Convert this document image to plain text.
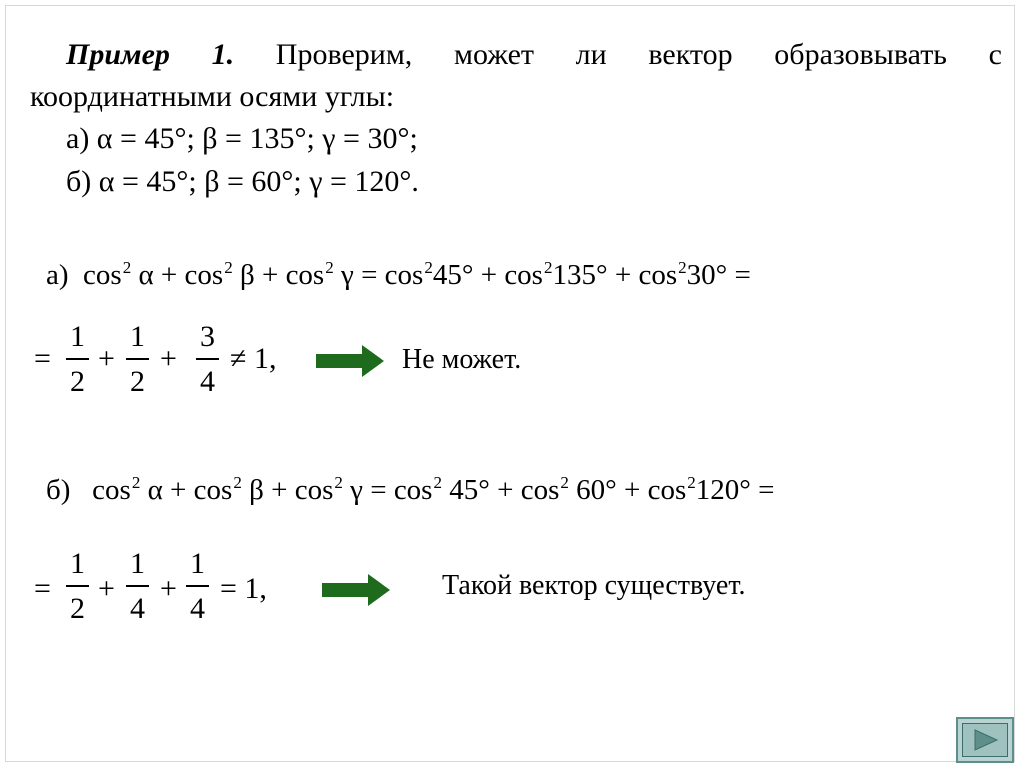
Пример 1. Проверим, может ли вектор образовывать с
координатными осями углы:
а) α = 45°; β = 135°; γ = 30°;
б) α = 45°; β = 60°; γ = 120°.
а) $\cos^2 \alpha + \cos^2 \beta + \cos^2 \gamma = \cos^245^\circ + \cos^2135^\circ + \cos^230^\circ$ =
=
1
2
+
1
2
+
3
4
≠ 1,	Не может.
б) $\cos^2 \alpha + \cos^2 \beta + \cos^2 \gamma = \cos^2 45^\circ + \cos^2 60^\circ + \cos^2120^\circ$ =
=
1
2
+
1
4
+
1
4
= 1,	Такой вектор существует.
